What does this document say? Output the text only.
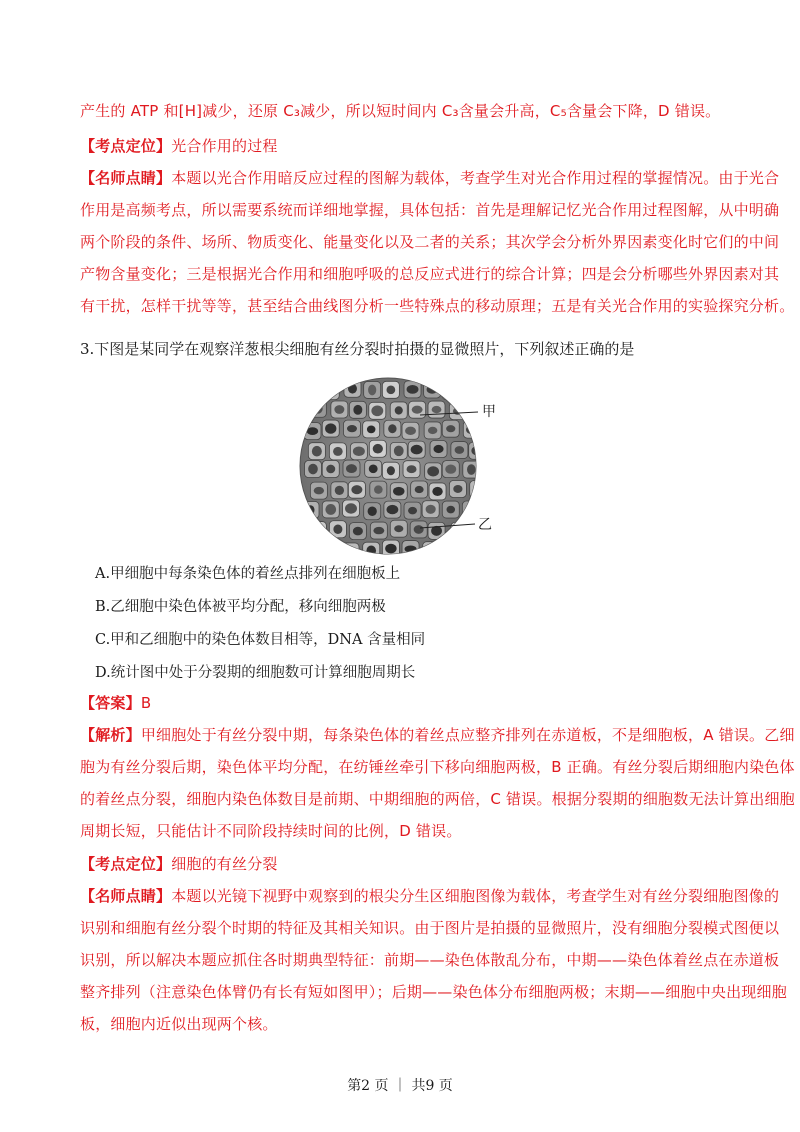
产生的 ATP 和[H]减少，还原 C₃减少，所以短时间内 C₃含量会升高，C₅含量会下降，D 错误。
【考点定位】光合作用的过程
【名师点睛】本题以光合作用暗反应过程的图解为载体，考查学生对光合作用过程的掌握情况。由于光合
作用是高频考点，所以需要系统而详细地掌握，具体包括：首先是理解记忆光合作用过程图解，从中明确
两个阶段的条件、场所、物质变化、能量变化以及二者的关系；其次学会分析外界因素变化时它们的中间
产物含量变化；三是根据光合作用和细胞呼吸的总反应式进行的综合计算；四是会分析哪些外界因素对其
有干扰，怎样干扰等等，甚至结合曲线图分析一些特殊点的移动原理；五是有关光合作用的实验探究分析。
3.下图是某同学在观察洋葱根尖细胞有丝分裂时拍摄的显微照片，下列叙述正确的是
甲
乙
A.甲细胞中每条染色体的着丝点排列在细胞板上
B.乙细胞中染色体被平均分配，移向细胞两极
C.甲和乙细胞中的染色体数目相等，DNA 含量相同
D.统计图中处于分裂期的细胞数可计算细胞周期长
【答案】B
【解析】甲细胞处于有丝分裂中期，每条染色体的着丝点应整齐排列在赤道板，不是细胞板，A 错误。乙细
胞为有丝分裂后期，染色体平均分配，在纺锤丝牵引下移向细胞两极，B 正确。有丝分裂后期细胞内染色体
的着丝点分裂，细胞内染色体数目是前期、中期细胞的两倍，C 错误。根据分裂期的细胞数无法计算出细胞
周期长短，只能估计不同阶段持续时间的比例，D 错误。
【考点定位】细胞的有丝分裂
【名师点睛】本题以光镜下视野中观察到的根尖分生区细胞图像为载体，考查学生对有丝分裂细胞图像的
识别和细胞有丝分裂个时期的特征及其相关知识。由于图片是拍摄的显微照片，没有细胞分裂模式图便以
识别，所以解决本题应抓住各时期典型特征：前期——染色体散乱分布，中期——染色体着丝点在赤道板
整齐排列（注意染色体臂仍有长有短如图甲）；后期——染色体分布细胞两极；末期——细胞中央出现细胞
板，细胞内近似出现两个核。
第2 页 ｜ 共9 页
